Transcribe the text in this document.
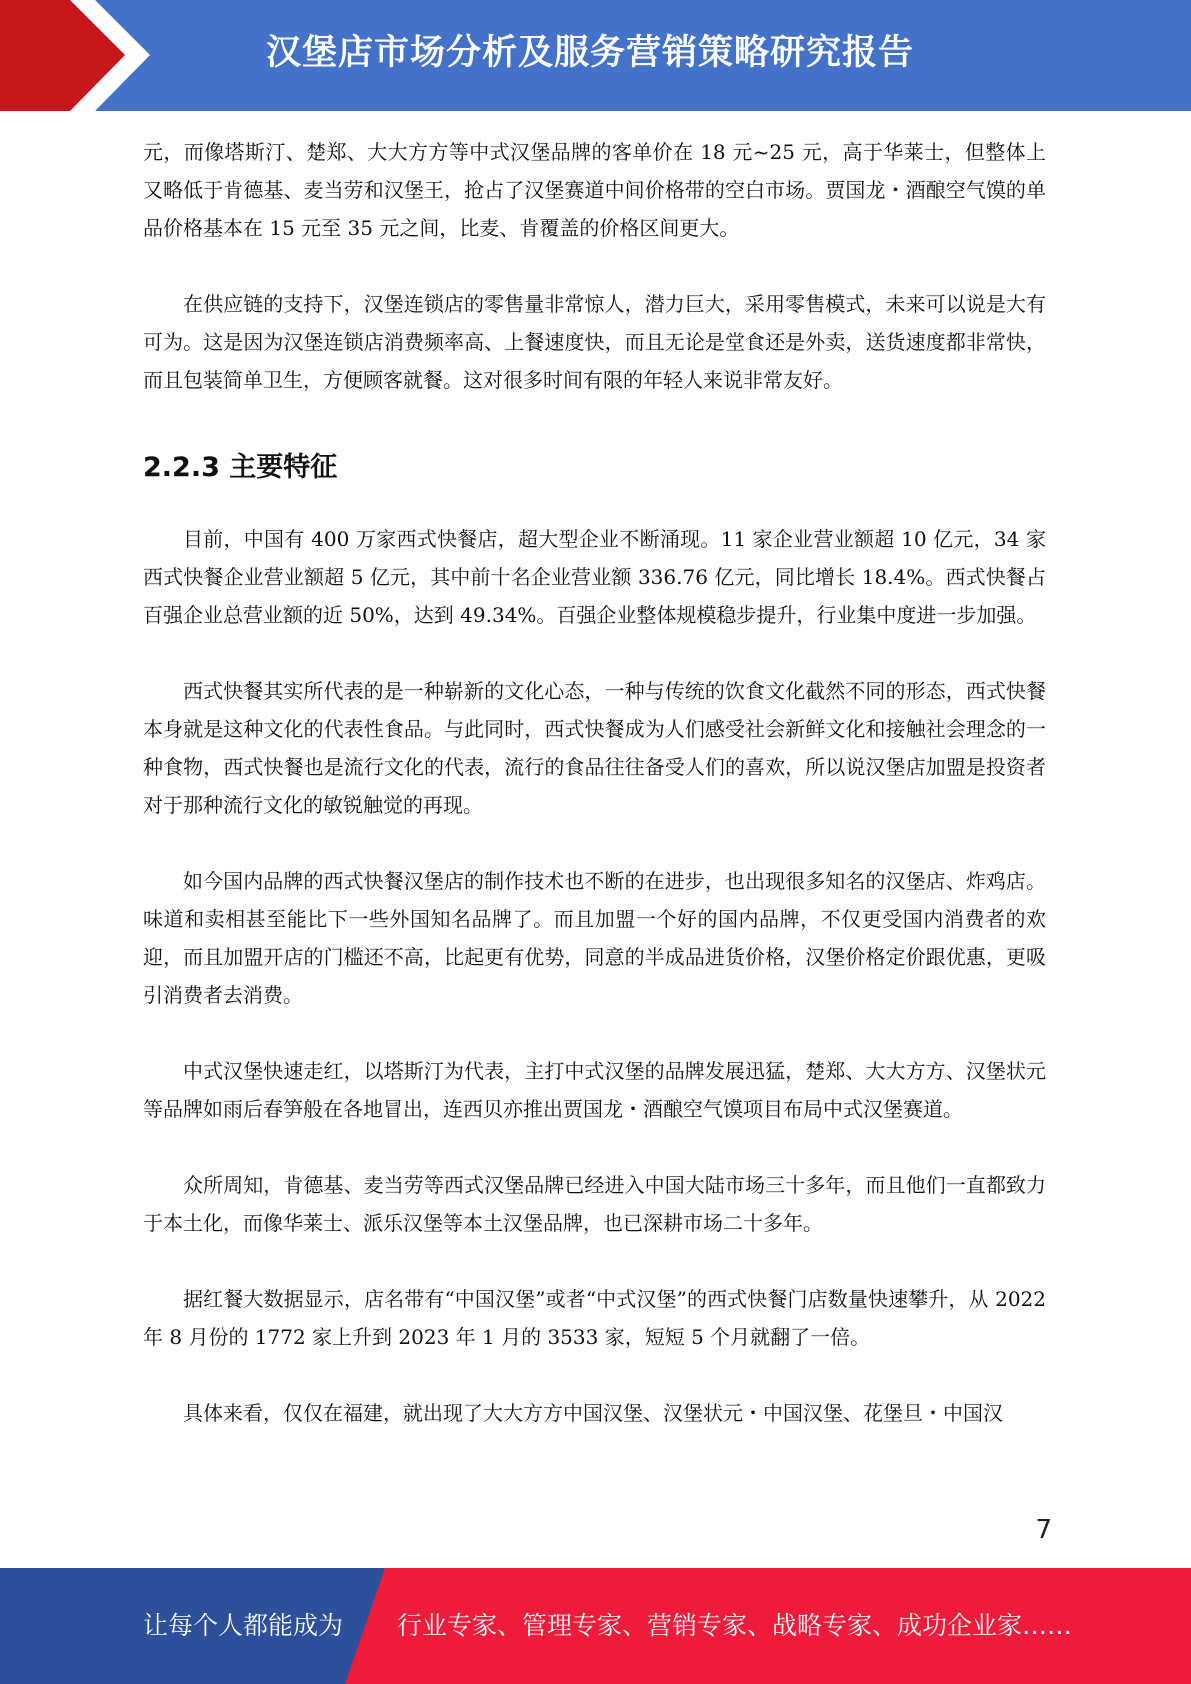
汉堡店市场分析及服务营销策略研究报告

元，而像塔斯汀、楚郑、大大方方等中式汉堡品牌的客单价在 18 元~25 元，高于华莱士，但整体上又略低于肯德基、麦当劳和汉堡王，抢占了汉堡赛道中间价格带的空白市场。贾国龙・酒酿空气馍的单品价格基本在 15 元至 35 元之间，比麦、肯覆盖的价格区间更大。

在供应链的支持下，汉堡连锁店的零售量非常惊人，潜力巨大，采用零售模式，未来可以说是大有可为。这是因为汉堡连锁店消费频率高、上餐速度快，而且无论是堂食还是外卖，送货速度都非常快，而且包装简单卫生，方便顾客就餐。这对很多时间有限的年轻人来说非常友好。

2.2.3 主要特征

目前，中国有 400 万家西式快餐店，超大型企业不断涌现。11 家企业营业额超 10 亿元，34 家西式快餐企业营业额超 5 亿元，其中前十名企业营业额 336.76 亿元，同比增长 18.4%。西式快餐占百强企业总营业额的近 50%，达到 49.34%。百强企业整体规模稳步提升，行业集中度进一步加强。

西式快餐其实所代表的是一种崭新的文化心态，一种与传统的饮食文化截然不同的形态，西式快餐本身就是这种文化的代表性食品。与此同时，西式快餐成为人们感受社会新鲜文化和接触社会理念的一种食物，西式快餐也是流行文化的代表，流行的食品往往备受人们的喜欢，所以说汉堡店加盟是投资者对于那种流行文化的敏锐触觉的再现。

如今国内品牌的西式快餐汉堡店的制作技术也不断的在进步，也出现很多知名的汉堡店、炸鸡店。味道和卖相甚至能比下一些外国知名品牌了。而且加盟一个好的国内品牌，不仅更受国内消费者的欢迎，而且加盟开店的门槛还不高，比起更有优势，同意的半成品进货价格，汉堡价格定价跟优惠，更吸引消费者去消费。

中式汉堡快速走红，以塔斯汀为代表，主打中式汉堡的品牌发展迅猛，楚郑、大大方方、汉堡状元等品牌如雨后春笋般在各地冒出，连西贝亦推出贾国龙・酒酿空气馍项目布局中式汉堡赛道。

众所周知，肯德基、麦当劳等西式汉堡品牌已经进入中国大陆市场三十多年，而且他们一直都致力于本土化，而像华莱士、派乐汉堡等本土汉堡品牌，也已深耕市场二十多年。

据红餐大数据显示，店名带有“中国汉堡”或者“中式汉堡”的西式快餐门店数量快速攀升，从 2022 年 8 月份的 1772 家上升到 2023 年 1 月的 3533 家，短短 5 个月就翻了一倍。

具体来看，仅仅在福建，就出现了大大方方中国汉堡、汉堡状元・中国汉堡、花堡旦・中国汉

7
让每个人都能成为 行业专家、管理专家、营销专家、战略专家、成功企业家……
